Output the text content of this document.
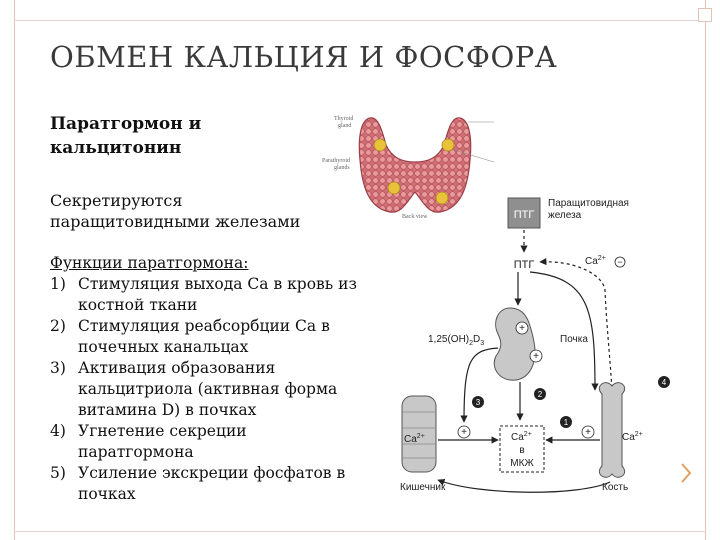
ОБМЕН КАЛЬЦИЯ И ФОСФОРА
Паратгормон и
кальцитонин
Секретируются
паращитовидными железами
Функции паратгормона:
1) Стимуляция выхода Ca в кровь из
костной ткани
2) Стимуляция реабсорбции Ca в
почечных канальцах
3) Активация образования
кальцитриола (активная форма
витамина D) в почках
4) Угнетение секреции
паратгормона
5) Усиление экскреции фосфатов в
почках
Thyroid
gland
Parathyroid
glands
Back view	ПТГ
Паращитовидная
железа
ПТГ	$Ca^{2+}$ −
+
+
Почка
$1,25(OH)_2D_3$
3
2
1
4
$Ca^{2+}$
Кишечник
+	$Ca^{2+}$
в
МКЖ
$Ca^{2+}$
Кость
+
